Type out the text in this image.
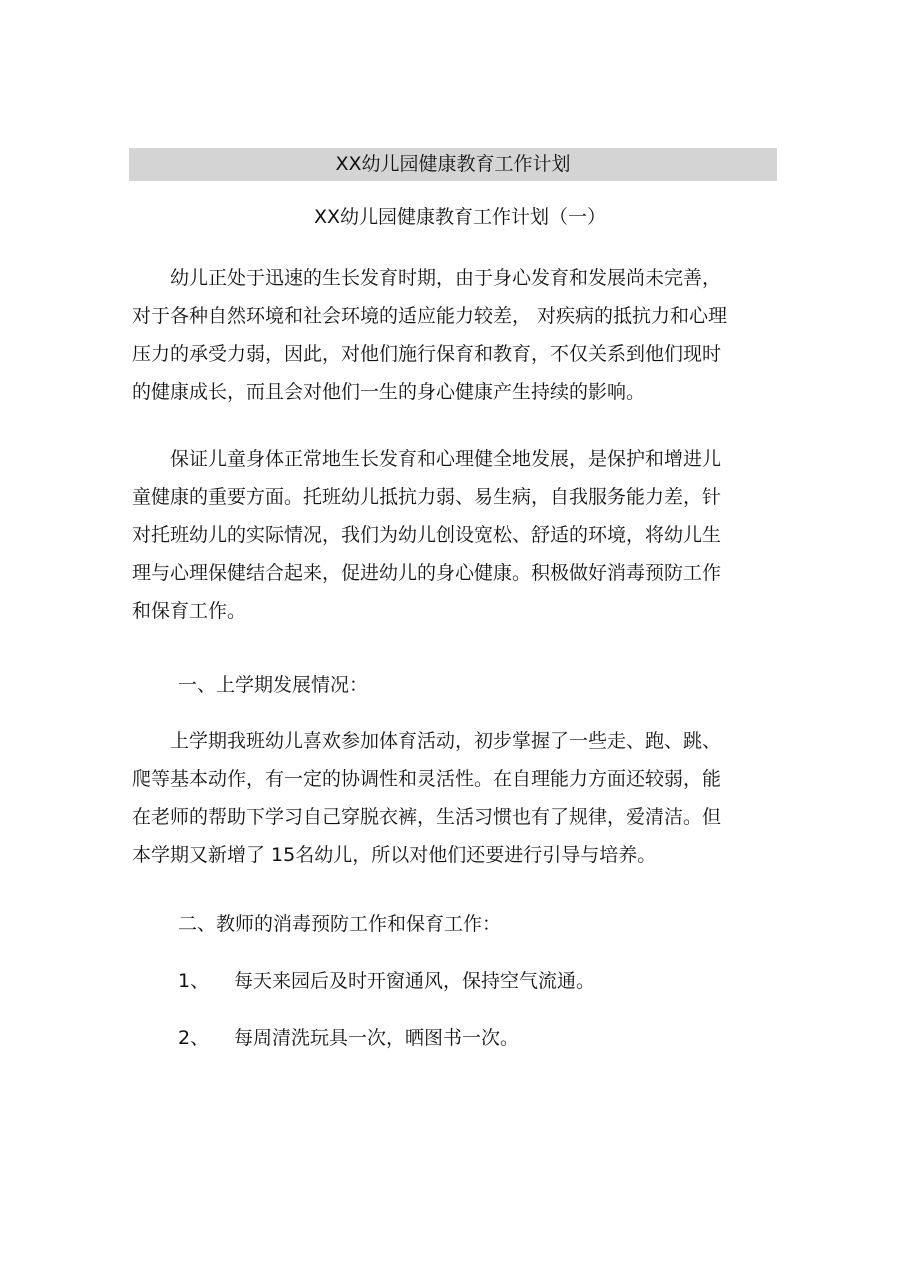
XX幼儿园健康教育工作计划
XX幼儿园健康教育工作计划（一）
幼儿正处于迅速的生长发育时期，由于身心发育和发展尚未完善，
对于各种自然环境和社会环境的适应能力较差， 对疾病的抵抗力和心理
压力的承受力弱，因此，对他们施行保育和教育，不仅关系到他们现时
的健康成长，而且会对他们一生的身心健康产生持续的影响。
保证儿童身体正常地生长发育和心理健全地发展，是保护和增进儿
童健康的重要方面。托班幼儿抵抗力弱、易生病，自我服务能力差，针
对托班幼儿的实际情况，我们为幼儿创设宽松、舒适的环境，将幼儿生
理与心理保健结合起来，促进幼儿的身心健康。积极做好消毒预防工作
和保育工作。
一、上学期发展情况：
上学期我班幼儿喜欢参加体育活动，初步掌握了一些走、跑、跳、
爬等基本动作，有一定的协调性和灵活性。在自理能力方面还较弱，能
在老师的帮助下学习自己穿脱衣裤，生活习惯也有了规律，爱清洁。但
本学期又新增了 15名幼儿，所以对他们还要进行引导与培养。
二、教师的消毒预防工作和保育工作：
1、 每天来园后及时开窗通风，保持空气流通。
2、 每周清洗玩具一次，晒图书一次。
